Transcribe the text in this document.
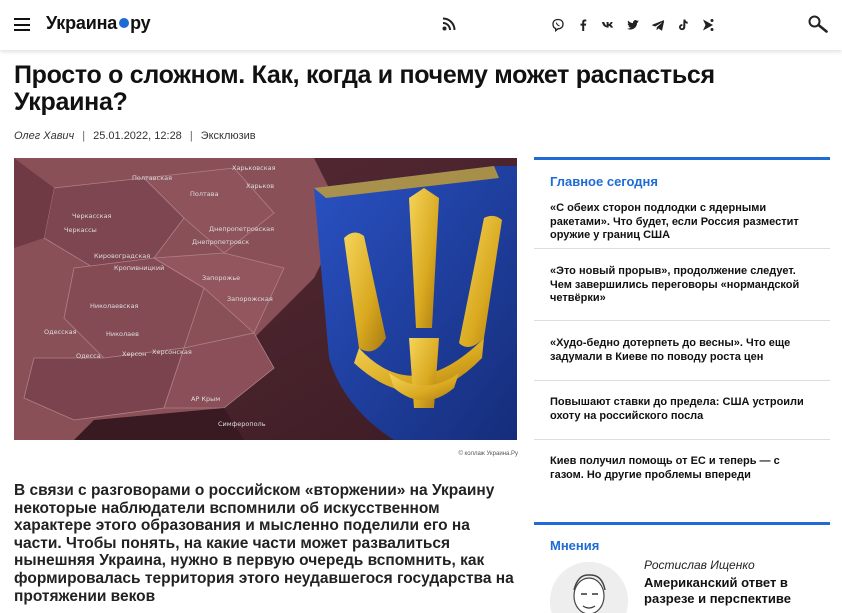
Украина ру
Просто о сложном. Как, когда и почему может распасться Украина?
Олег Хавич | 25.01.2022, 12:28 | Эксклюзив
Полтавская
Полтава
Харьковская
Харьков
Черкасская
Черкассы
Кировоградская
Кропивницкий
Днепропетровская
Днепропетровск
Николаевская
Николаев
Запорожская
Запорожье
Херсонская
Херсон
Одесская
Одесса
АР Крым
Симферополь
© коллаж Украина.Ру

В связи с разговорами о российском «вторжении» на Украину некоторые наблюдатели вспомнили об искусственном характере этого образования и мысленно поделили его на части. Чтобы понять, на какие части может развалиться нынешняя Украина, нужно в первую очередь вспомнить, как формировалась территория этого неудавшегося государства на протяжении веков

Главное сегодня
«С обеих сторон подлодки с ядерными ракетами». Что будет, если Россия разместит оружие у границ США
«Это новый прорыв», продолжение следует. Чем завершились переговоры «нормандской четвёрки»
«Худо-бедно дотерпеть до весны». Что еще задумали в Киеве по поводу роста цен
Повышают ставки до предела: США устроили охоту на российского посла
Киев получил помощь от ЕС и теперь — с газом. Но другие проблемы впереди
Мнения
Ростислав Ищенко
Американский ответ в разрезе и перспективе
